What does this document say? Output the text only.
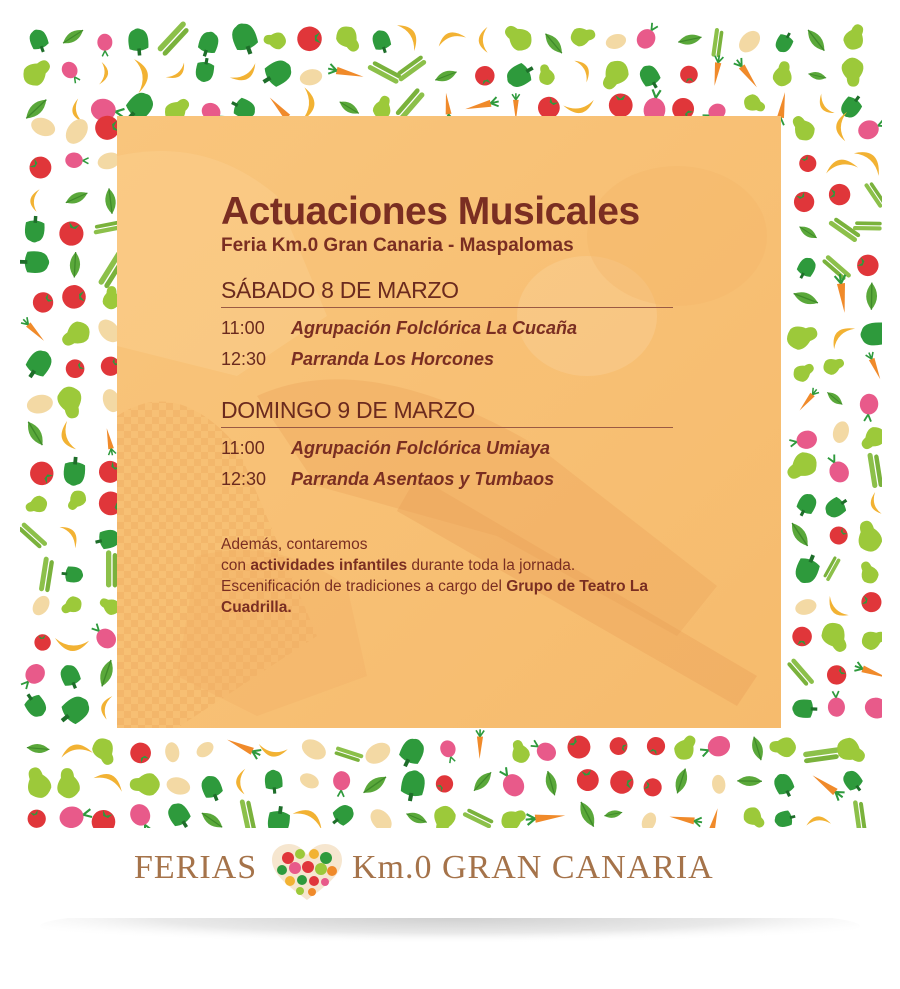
Actuaciones Musicales
Feria Km.0 Gran Canaria - Maspalomas
SÁBADO 8 DE MARZO
11:00	Agrupación Folclórica La Cucaña
12:30	Parranda Los Horcones
DOMINGO 9 DE MARZO
11:00	Agrupación Folclórica Umiaya
12:30	Parranda Asentaos y Tumbaos
Además, contaremos
con actividades infantiles durante toda la jornada.
Escenificación de tradiciones a cargo del Grupo de Teatro La Cuadrilla.
FERIAS	Km.0 GRAN CANARIA
